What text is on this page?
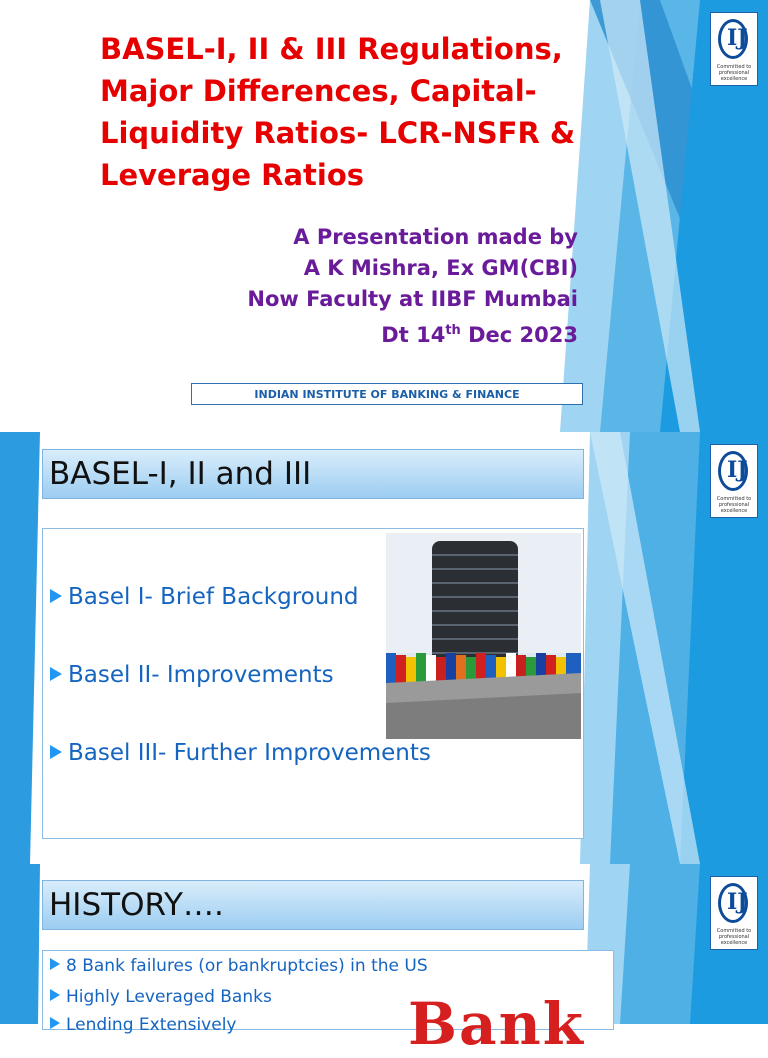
IJ
Committed to professional excellence
BASEL-I, II & III Regulations,
Major Differences, Capital-
Liquidity Ratios- LCR-NSFR &
Leverage Ratios
A Presentation made by
A K Mishra, Ex GM(CBI)
Now Faculty at IIBF Mumbai
Dt 14th Dec 2023
INDIAN INSTITUTE OF BANKING & FINANCE
IJ
Committed to professional excellence
IJ
Committed to professional excellence
BASEL-I, II and III
Basel I- Brief Background
Basel II- Improvements
Basel III- Further Improvements
HISTORY….
8 Bank failures (or bankruptcies) in the US
Highly Leveraged Banks
Lending Extensively	Bank
